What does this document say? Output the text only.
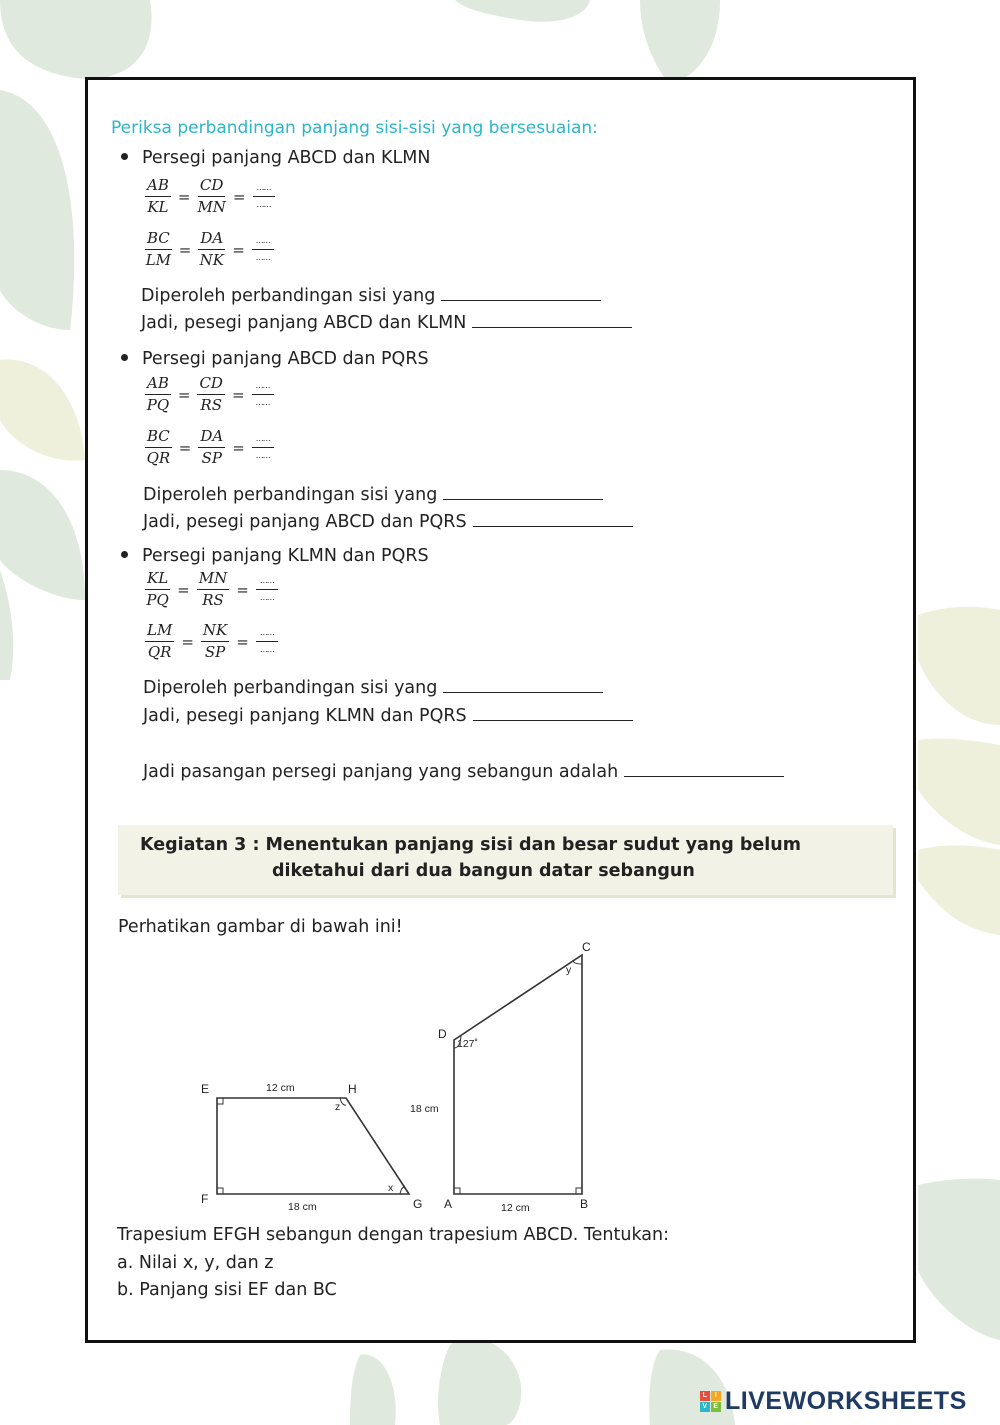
Periksa perbandingan panjang sisi-sisi yang bersesuaian:
Persegi panjang ABCD dan KLMN
$\frac{AB}{KL} = \frac{CD}{MN} = \frac{\dots\dots}{\dots\dots}$
$\frac{BC}{LM} = \frac{DA}{NK} = \frac{\dots\dots}{\dots\dots}$
Diperoleh perbandingan sisi yang
Jadi, pesegi panjang ABCD dan KLMN
Persegi panjang ABCD dan PQRS
$\frac{AB}{PQ} = \frac{CD}{RS} = \frac{\dots\dots}{\dots\dots}$
$\frac{BC}{QR} = \frac{DA}{SP} = \frac{\dots\dots}{\dots\dots}$
Diperoleh perbandingan sisi yang
Jadi, pesegi panjang ABCD dan PQRS
Persegi panjang KLMN dan PQRS
$\frac{KL}{PQ} = \frac{MN}{RS} = \frac{\dots\dots}{\dots\dots}$
$\frac{LM}{QR} = \frac{NK}{SP} = \frac{\dots\dots}{\dots\dots}$
Diperoleh perbandingan sisi yang
Jadi, pesegi panjang KLMN dan PQRS
Jadi pasangan persegi panjang yang sebangun adalah
Kegiatan 3 : Menentukan panjang sisi dan besar sudut yang belum
diketahui dari dua bangun datar sebangun
Perhatikan gambar di bawah ini!
E
F	G
H
12 cm
18 cm
z
x
A	B
C
D
18 cm
12 cm
127˚
y
Trapesium EFGH sebangun dengan trapesium ABCD. Tentukan:
a. Nilai x, y, dan z
b. Panjang sisi EF dan BC
L	I
V E LIVEWORKSHEETS
